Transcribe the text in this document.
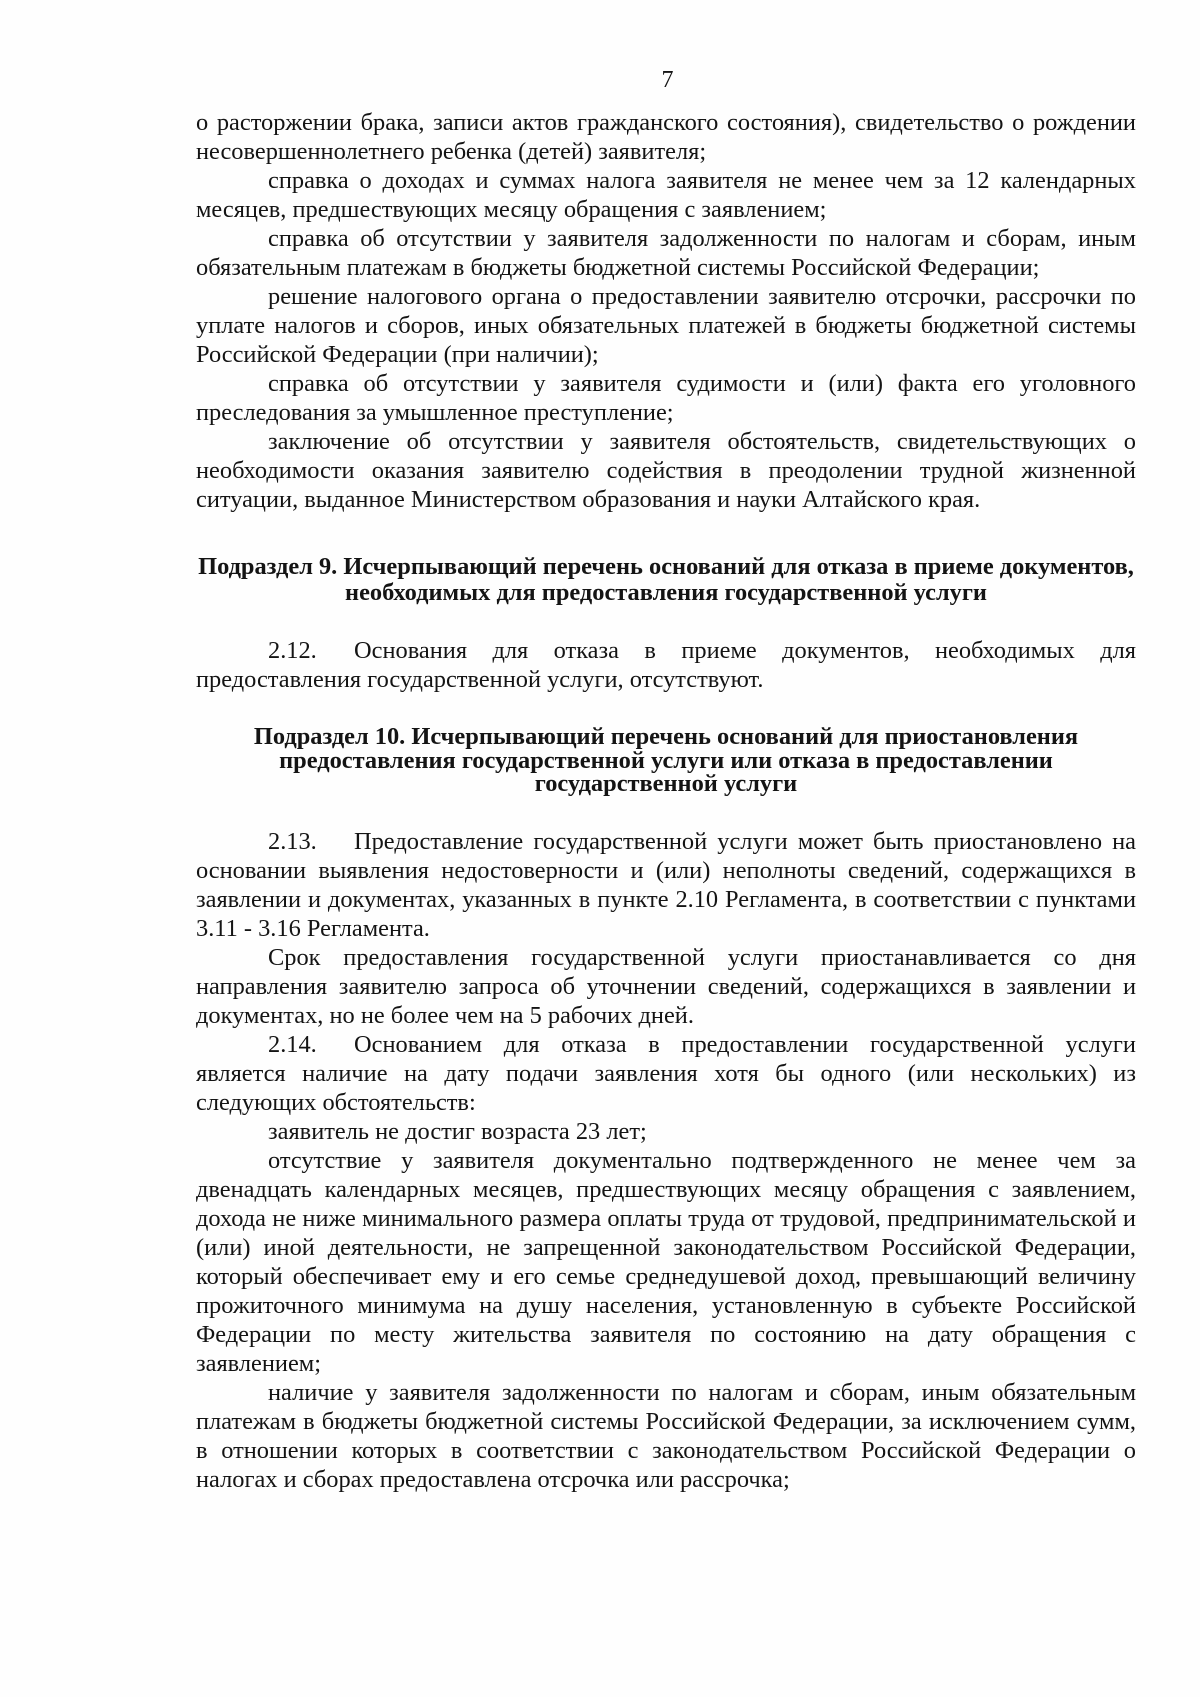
7

о расторжении брака, записи актов гражданского состояния), свидетельство о рождении несовершеннолетнего ребенка (детей) заявителя;

справка о доходах и суммах налога заявителя не менее чем за 12 календарных месяцев, предшествующих месяцу обращения с заявлением;

справка об отсутствии у заявителя задолженности по налогам и сборам, иным обязательным платежам в бюджеты бюджетной системы Российской Федерации;

решение налогового органа о предоставлении заявителю отсрочки, рассрочки по уплате налогов и сборов, иных обязательных платежей в бюджеты бюджетной системы Российской Федерации (при наличии);

справка об отсутствии у заявителя судимости и (или) факта его уголовного преследования за умышленное преступление;

заключение об отсутствии у заявителя обстоятельств, свидетельствующих о необходимости оказания заявителю содействия в преодолении трудной жизненной ситуации, выданное Министерством образования и науки Алтайского края.

Подраздел 9. Исчерпывающий перечень оснований для отказа в приеме документов, необходимых для предоставления государственной услуги

2.12. Основания для отказа в приеме документов, необходимых для предоставления государственной услуги, отсутствуют.

Подраздел 10. Исчерпывающий перечень оснований для приостановления предоставления государственной услуги или отказа в предоставлении государственной услуги

2.13. Предоставление государственной услуги может быть приостановлено на основании выявления недостоверности и (или) неполноты сведений, содержащихся в заявлении и документах, указанных в пункте 2.10 Регламента, в соответствии с пунктами 3.11 - 3.16 Регламента.

Срок предоставления государственной услуги приостанавливается со дня направления заявителю запроса об уточнении сведений, содержащихся в заявлении и документах, но не более чем на 5 рабочих дней.

2.14. Основанием для отказа в предоставлении государственной услуги является наличие на дату подачи заявления хотя бы одного (или нескольких) из следующих обстоятельств:

заявитель не достиг возраста 23 лет;

отсутствие у заявителя документально подтвержденного не менее чем за двенадцать календарных месяцев, предшествующих месяцу обращения с заявлением, дохода не ниже минимального размера оплаты труда от трудовой, предпринимательской и (или) иной деятельности, не запрещенной законодательством Российской Федерации, который обеспечивает ему и его семье среднедушевой доход, превышающий величину прожиточного минимума на душу населения, установленную в субъекте Российской Федерации по месту жительства заявителя по состоянию на дату обращения с заявлением;

наличие у заявителя задолженности по налогам и сборам, иным обязательным платежам в бюджеты бюджетной системы Российской Федерации, за исключением сумм, в отношении которых в соответствии с законодательством Российской Федерации о налогах и сборах предоставлена отсрочка или рассрочка;
